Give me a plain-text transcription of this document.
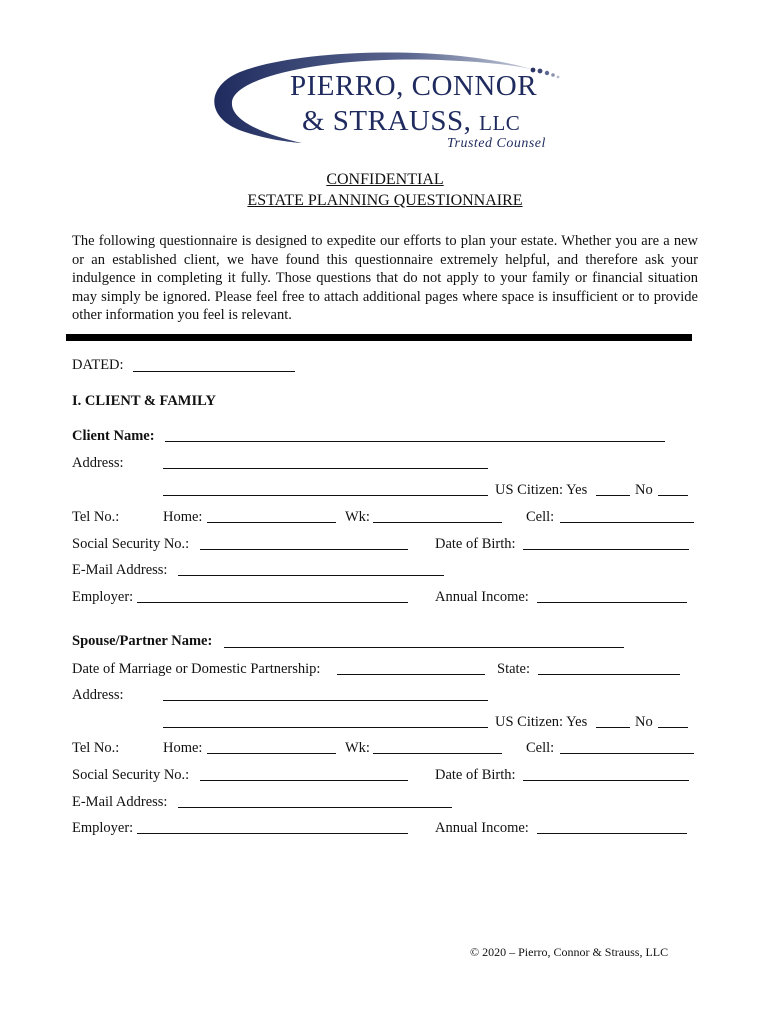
PIERRO, CONNOR
& STRAUSS, LLC
Trusted Counsel
CONFIDENTIAL
ESTATE PLANNING QUESTIONNAIRE
The following questionnaire is designed to expedite our efforts to plan your estate. Whether you are a new or an established client, we have found this questionnaire extremely helpful, and therefore ask your indulgence in completing it fully. Those questions that do not apply to your family or financial situation may simply be ignored. Please feel free to attach additional pages where space is insufficient or to provide other information you feel is relevant.
DATED:
I. CLIENT & FAMILY
Client Name:
Address:
US Citizen: Yes	No
Tel No.:	Home:	Wk:	Cell:
Social Security No.:	Date of Birth:
E-Mail Address:
Employer:	Annual Income:
Spouse/Partner Name:
Date of Marriage or Domestic Partnership:	State:
Address:
US Citizen: Yes	No
Tel No.:	Home:	Wk:	Cell:
Social Security No.:	Date of Birth:
E-Mail Address:
Employer:	Annual Income:
© 2020 – Pierro, Connor & Strauss, LLC
